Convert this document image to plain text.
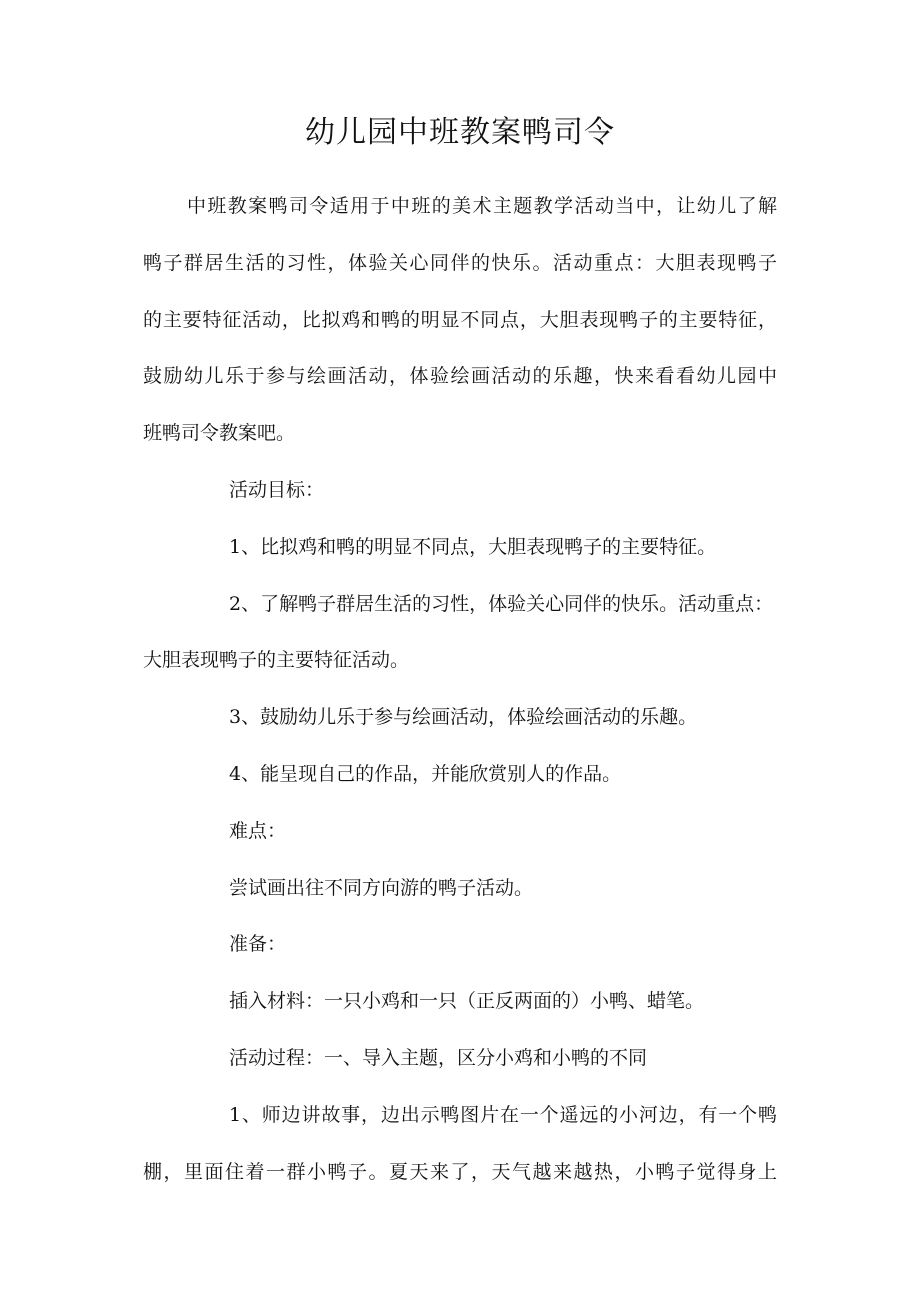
幼儿园中班教案鸭司令
中班教案鸭司令适用于中班的美术主题教学活动当中，让幼儿了解
鸭子群居生活的习性，体验关心同伴的快乐。活动重点：大胆表现鸭子
的主要特征活动，比拟鸡和鸭的明显不同点，大胆表现鸭子的主要特征，
鼓励幼儿乐于参与绘画活动，体验绘画活动的乐趣，快来看看幼儿园中
班鸭司令教案吧。
活动目标：
1、比拟鸡和鸭的明显不同点，大胆表现鸭子的主要特征。
2、了解鸭子群居生活的习性，体验关心同伴的快乐。活动重点：
大胆表现鸭子的主要特征活动。
3、鼓励幼儿乐于参与绘画活动，体验绘画活动的乐趣。
4、能呈现自己的作品，并能欣赏别人的作品。
难点：
尝试画出往不同方向游的鸭子活动。
准备：
插入材料：一只小鸡和一只（正反两面的）小鸭、蜡笔。
活动过程：一、导入主题，区分小鸡和小鸭的不同
1、师边讲故事，边出示鸭图片在一个遥远的小河边，有一个鸭
棚，里面住着一群小鸭子。夏天来了，天气越来越热，小鸭子觉得身上
